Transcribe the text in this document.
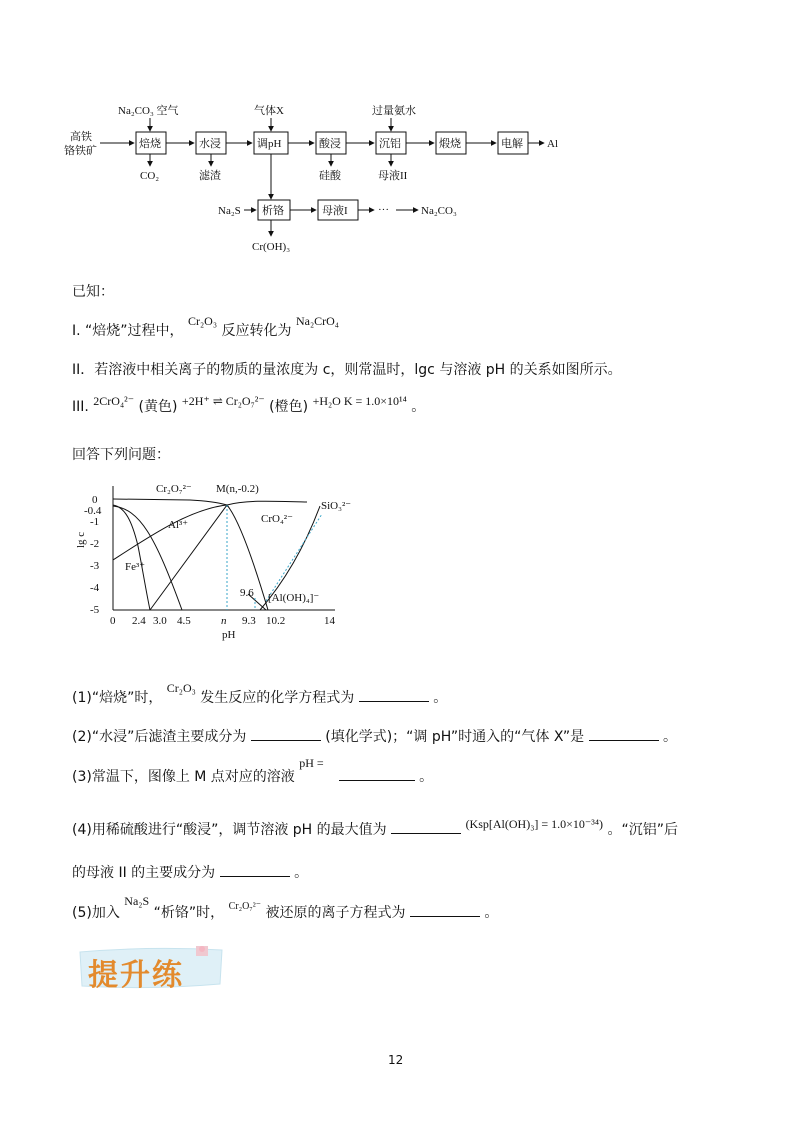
高铁
铬铁矿
焙烧	水浸	调pH	酸浸	沉铝	煅烧	电解 Al
Na₂CO₃ 空气	气体X	过量氨水
CO₂	滤渣	硅酸	母液II
Na₂S 析铬	母液I	···	Na₂CO₃
Cr(OH)₃
已知：
I. “焙烧”过程中， Cr₂O₃ 反应转化为 Na₂CrO₄
II．若溶液中相关离子的物质的量浓度为 c，则常温时，lgc 与溶液 pH 的关系如图所示。
III. 2CrO₄²⁻ (黄色) +2H⁺ ⇌ Cr₂O₇²⁻ (橙色) +H₂O K = 1.0×10¹⁴ 。
回答下列问题：
lg c
0
-0.4
-1
-2
-3
-4
-5
0 2.4 3.0 4.5	n 9.3 10.2	14
pH
Cr₂O₇²⁻ M(n,-0.2)
CrO₄²⁻
SiO₃²⁻
Al³⁺
Fe³⁺
9.6 [Al(OH)₄]⁻
(1)“焙烧”时， Cr₂O₃ 发生反应的化学方程式为	。
(2)“水浸”后滤渣主要成分为	(填化学式)；“调 pH”时通入的“气体 X”是	。
(3)常温下，图像上 M 点对应的溶液 pH =   。
(4)用稀硫酸进行“酸浸”，调节溶液 pH 的最大值为	(Ksp[Al(OH)₃] = 1.0×10⁻³⁴) 。“沉铝”后
的母液 II 的主要成分为	。
(5)加入 Na₂S “析铬”时， $^{Cr_2O_7^{2-}}$ 被还原的离子方程式为	。
提升练
12
